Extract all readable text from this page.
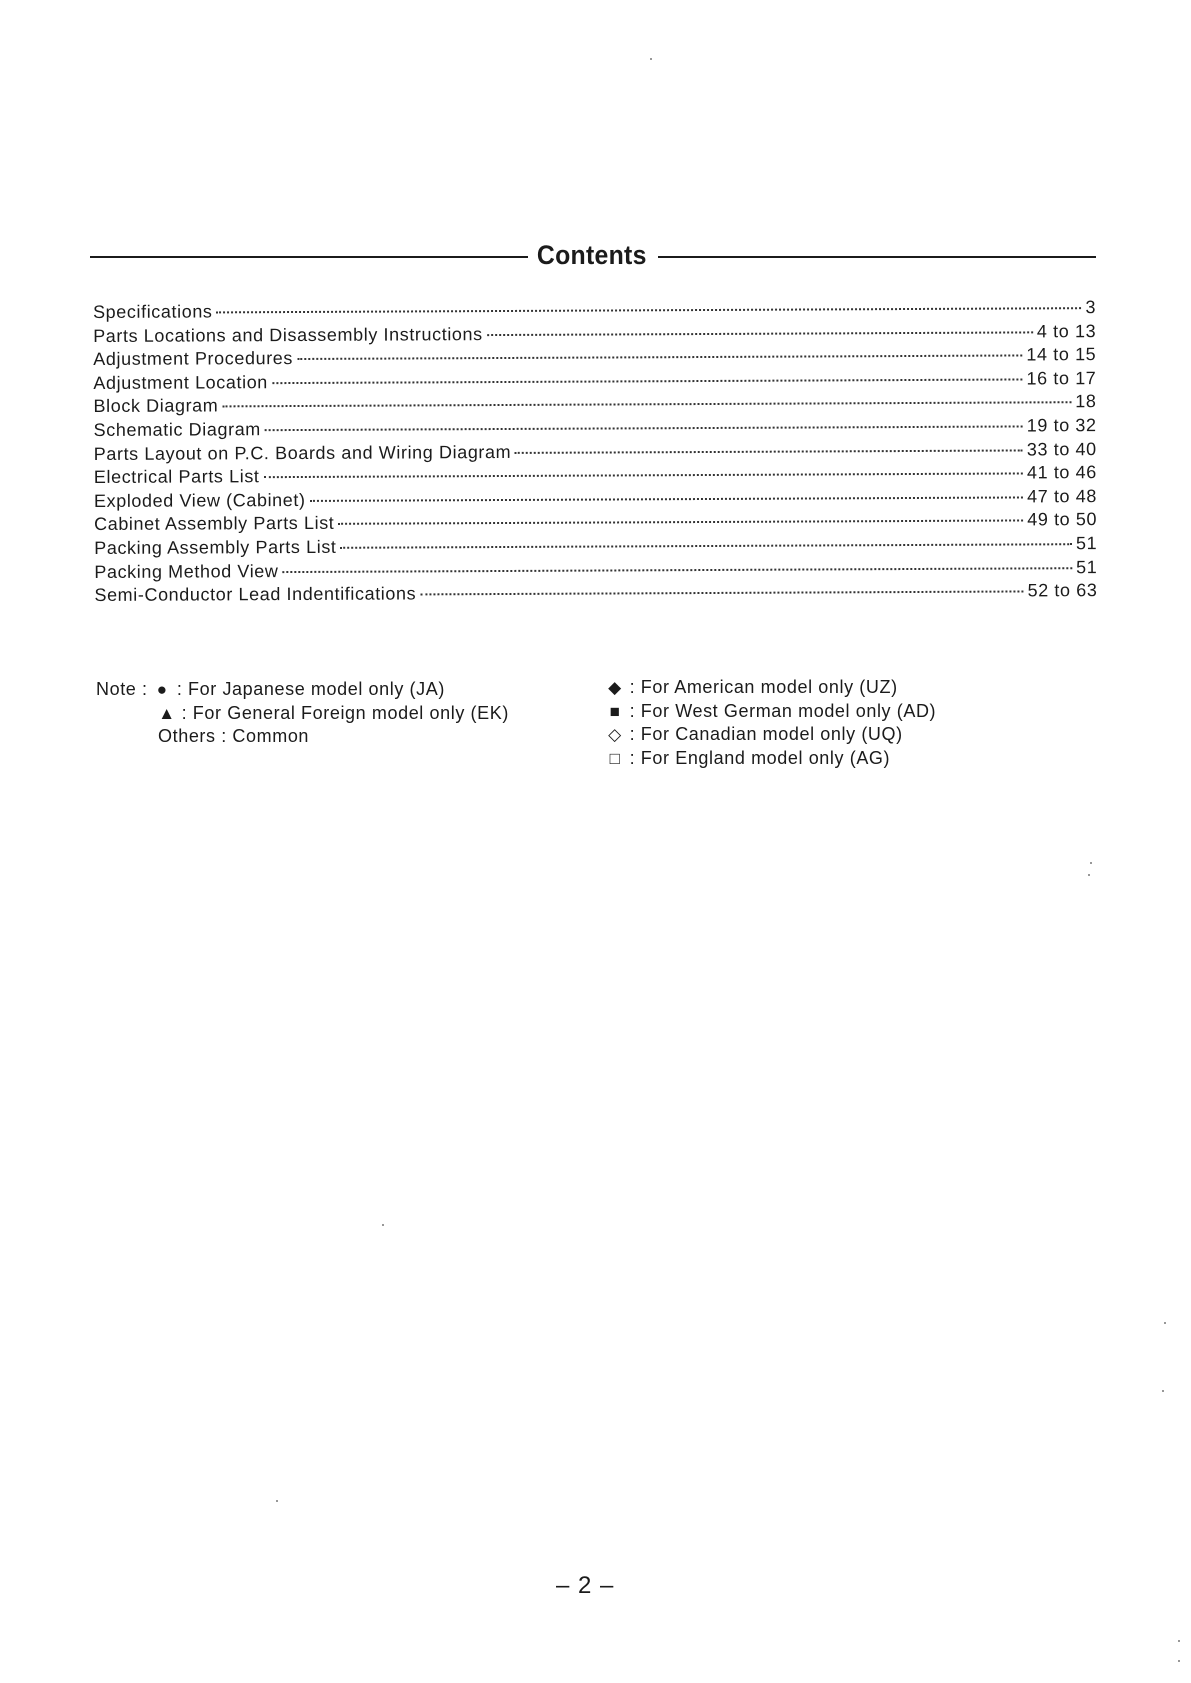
Contents
Specifications	3
Parts Locations and Disassembly Instructions	4 to 13
Adjustment Procedures	14 to 15
Adjustment Location	16 to 17
Block Diagram	18
Schematic Diagram	19 to 32
Parts Layout on P.C. Boards and Wiring Diagram	33 to 40
Electrical Parts List	41 to 46
Exploded View (Cabinet)	47 to 48
Cabinet Assembly Parts List	49 to 50
Packing Assembly Parts List	51
Packing Method View	51
Semi-Conductor Lead Indentifications	52 to 63
Note : ● : For Japanese model only (JA)
▲ : For General Foreign model only (EK)
Others : Common
◆ : For American model only (UZ)
■ : For West German model only (AD)
◇ : For Canadian model only (UQ)
□ : For England model only (AG)
– 2 –
